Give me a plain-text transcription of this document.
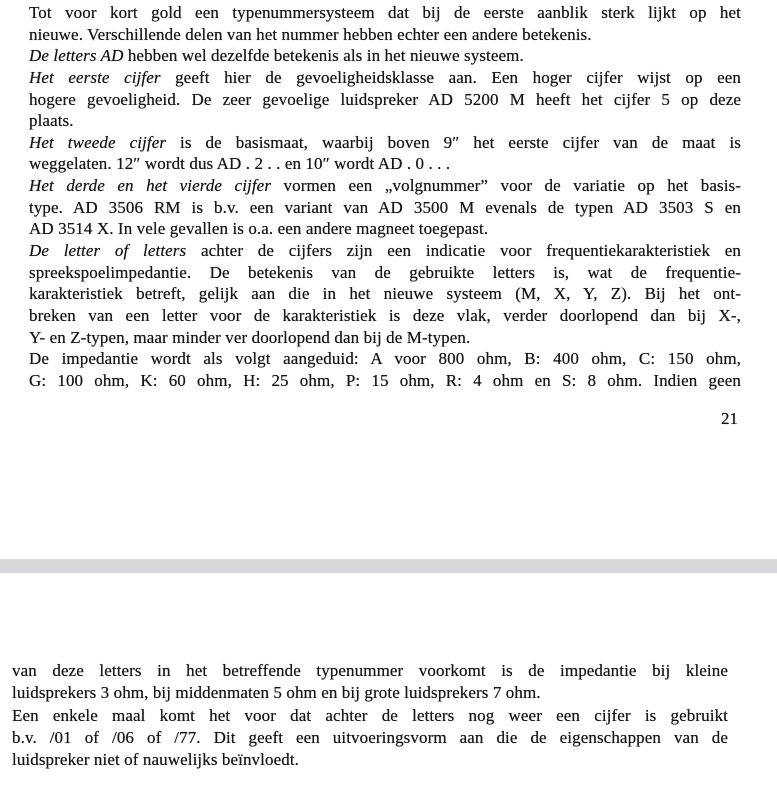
Tot voor kort gold een typenummersysteem dat bij de eerste aanblik sterk lijkt op het
nieuwe. Verschillende delen van het nummer hebben echter een andere betekenis.
De letters AD hebben wel dezelfde betekenis als in het nieuwe systeem.
Het eerste cijfer geeft hier de gevoeligheidsklasse aan. Een hoger cijfer wijst op een
hogere gevoeligheid. De zeer gevoelige luidspreker AD 5200 M heeft het cijfer 5 op deze
plaats.
Het tweede cijfer is de basismaat, waarbij boven 9″ het eerste cijfer van de maat is
weggelaten. 12″ wordt dus AD . 2 . . en 10″ wordt AD . 0 . . .
Het derde en het vierde cijfer vormen een „volgnummer” voor de variatie op het basis-
type. AD 3506 RM is b.v. een variant van AD 3500 M evenals de typen AD 3503 S en
AD 3514 X. In vele gevallen is o.a. een andere magneet toegepast.
De letter of letters achter de cijfers zijn een indicatie voor frequentiekarakteristiek en
spreekspoelimpedantie. De betekenis van de gebruikte letters is, wat de frequentie-
karakteristiek betreft, gelijk aan die in het nieuwe systeem (M, X, Y, Z). Bij het ont-
breken van een letter voor de karakteristiek is deze vlak, verder doorlopend dan bij X-,
Y- en Z-typen, maar minder ver doorlopend dan bij de M-typen.
De impedantie wordt als volgt aangeduid: A voor 800 ohm, B: 400 ohm, C: 150 ohm,
G: 100 ohm, K: 60 ohm, H: 25 ohm, P: 15 ohm, R: 4 ohm en S: 8 ohm. Indien geen
21
van deze letters in het betreffende typenummer voorkomt is de impedantie bij kleine
luidsprekers 3 ohm, bij middenmaten 5 ohm en bij grote luidsprekers 7 ohm.
Een enkele maal komt het voor dat achter de letters nog weer een cijfer is gebruikt
b.v. /01 of /06 of /77. Dit geeft een uitvoeringsvorm aan die de eigenschappen van de
luidspreker niet of nauwelijks beïnvloedt.
